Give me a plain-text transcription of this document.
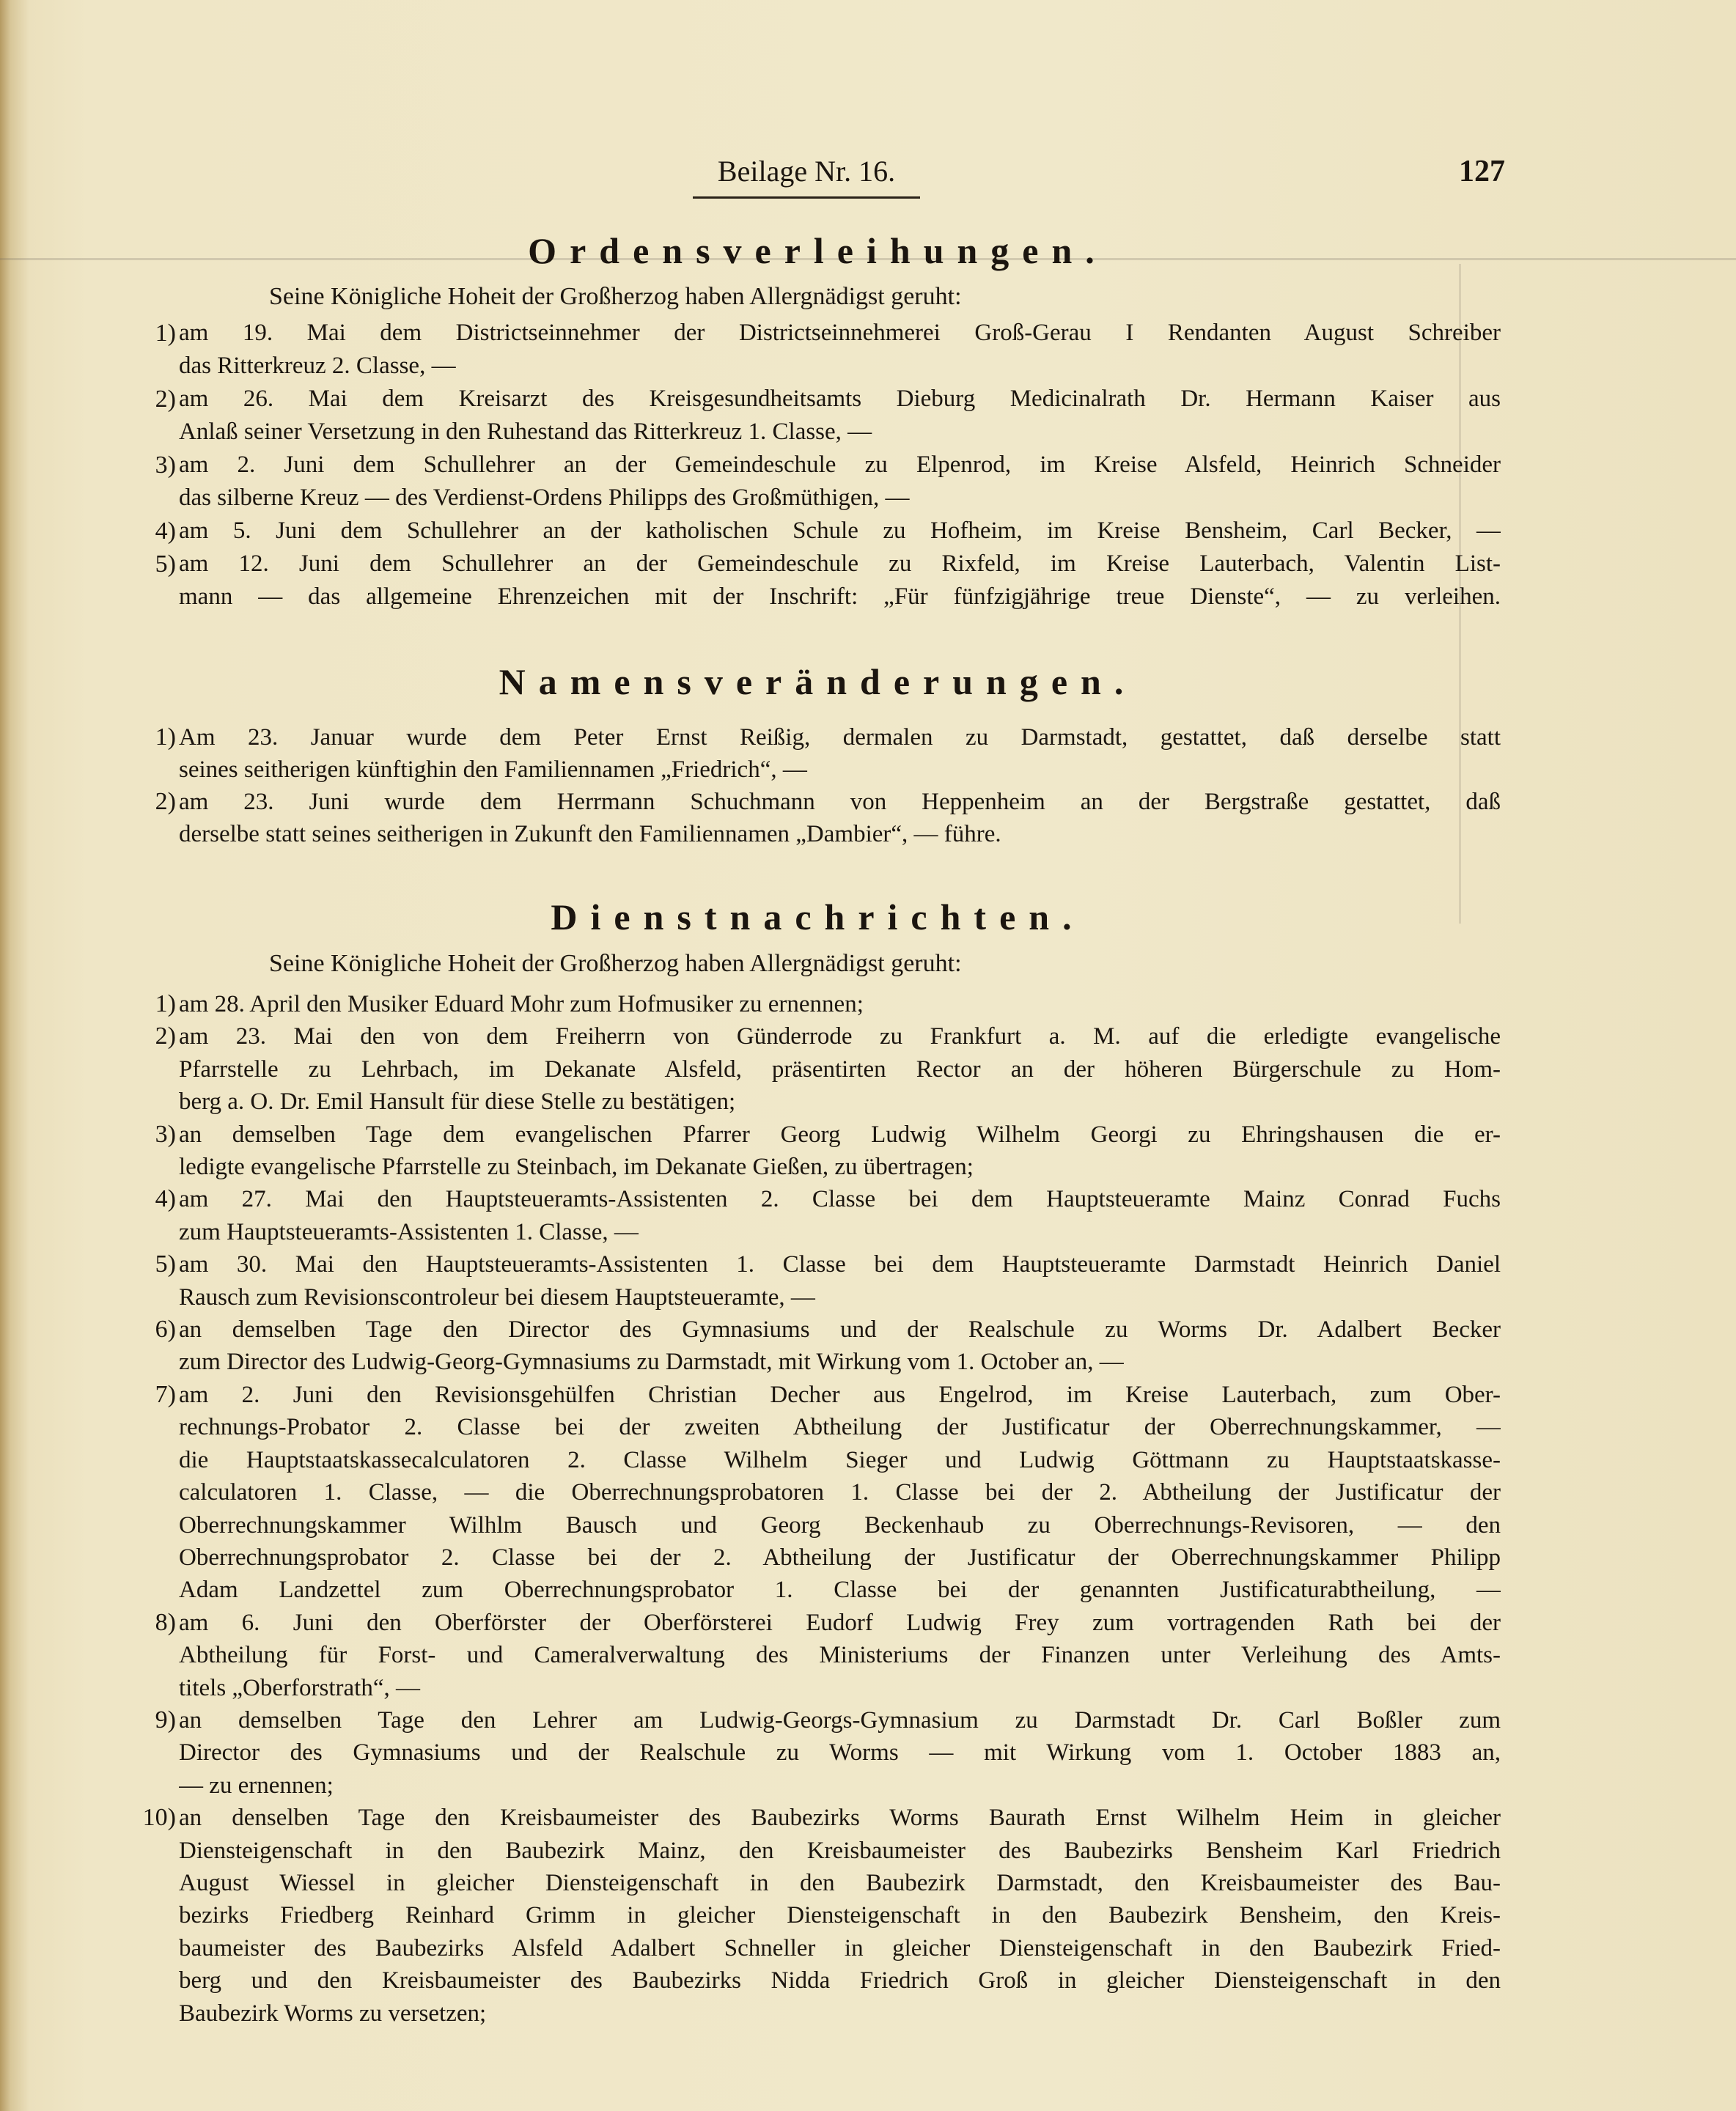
Beilage Nr. 16.	127
Ordensverleihungen.
Seine Königliche Hoheit der Großherzog haben Allergnädigst geruht:
1) am 19. Mai dem Districtseinnehmer der Districtseinnehmerei Groß-Gerau I Rendanten August Schreiber
das Ritterkreuz 2. Classe, —
2) am 26. Mai dem Kreisarzt des Kreisgesundheitsamts Dieburg Medicinalrath Dr. Hermann Kaiser aus
Anlaß seiner Versetzung in den Ruhestand das Ritterkreuz 1. Classe, —
3) am 2. Juni dem Schullehrer an der Gemeindeschule zu Elpenrod, im Kreise Alsfeld, Heinrich Schneider
das silberne Kreuz — des Verdienst-Ordens Philipps des Großmüthigen, —
4) am 5. Juni dem Schullehrer an der katholischen Schule zu Hofheim, im Kreise Bensheim, Carl Becker, —
5) am 12. Juni dem Schullehrer an der Gemeindeschule zu Rixfeld, im Kreise Lauterbach, Valentin List-
mann — das allgemeine Ehrenzeichen mit der Inschrift: „Für fünfzigjährige treue Dienste“, — zu verleihen.
Namensveränderungen.
1) Am 23. Januar wurde dem Peter Ernst Reißig, dermalen zu Darmstadt, gestattet, daß derselbe statt
seines seitherigen künftighin den Familiennamen „Friedrich“, —
2) am 23. Juni wurde dem Herrmann Schuchmann von Heppenheim an der Bergstraße gestattet, daß
derselbe statt seines seitherigen in Zukunft den Familiennamen „Dambier“, — führe.
Dienstnachrichten.
Seine Königliche Hoheit der Großherzog haben Allergnädigst geruht:
1) am 28. April den Musiker Eduard Mohr zum Hofmusiker zu ernennen;
2) am 23. Mai den von dem Freiherrn von Günderrode zu Frankfurt a. M. auf die erledigte evangelische
Pfarrstelle zu Lehrbach, im Dekanate Alsfeld, präsentirten Rector an der höheren Bürgerschule zu Hom-
berg a. O. Dr. Emil Hansult für diese Stelle zu bestätigen;
3) an demselben Tage dem evangelischen Pfarrer Georg Ludwig Wilhelm Georgi zu Ehringshausen die er-
ledigte evangelische Pfarrstelle zu Steinbach, im Dekanate Gießen, zu übertragen;
4) am 27. Mai den Hauptsteueramts-Assistenten 2. Classe bei dem Hauptsteueramte Mainz Conrad Fuchs
zum Hauptsteueramts-Assistenten 1. Classe, —
5) am 30. Mai den Hauptsteueramts-Assistenten 1. Classe bei dem Hauptsteueramte Darmstadt Heinrich Daniel
Rausch zum Revisionscontroleur bei diesem Hauptsteueramte, —
6) an demselben Tage den Director des Gymnasiums und der Realschule zu Worms Dr. Adalbert Becker
zum Director des Ludwig-Georg-Gymnasiums zu Darmstadt, mit Wirkung vom 1. October an, —
7) am 2. Juni den Revisionsgehülfen Christian Decher aus Engelrod, im Kreise Lauterbach, zum Ober-
rechnungs-Probator 2. Classe bei der zweiten Abtheilung der Justificatur der Oberrechnungskammer, —
die Hauptstaatskassecalculatoren 2. Classe Wilhelm Sieger und Ludwig Göttmann zu Hauptstaatskasse-
calculatoren 1. Classe, — die Oberrechnungsprobatoren 1. Classe bei der 2. Abtheilung der Justificatur der
Oberrechnungskammer Wilhlm Bausch und Georg Beckenhaub zu Oberrechnungs-Revisoren, — den
Oberrechnungsprobator 2. Classe bei der 2. Abtheilung der Justificatur der Oberrechnungskammer Philipp
Adam Landzettel zum Oberrechnungsprobator 1. Classe bei der genannten Justificaturabtheilung, —
8) am 6. Juni den Oberförster der Oberförsterei Eudorf Ludwig Frey zum vortragenden Rath bei der
Abtheilung für Forst- und Cameralverwaltung des Ministeriums der Finanzen unter Verleihung des Amts-
titels „Oberforstrath“, —
9) an demselben Tage den Lehrer am Ludwig-Georgs-Gymnasium zu Darmstadt Dr. Carl Boßler zum
Director des Gymnasiums und der Realschule zu Worms — mit Wirkung vom 1. October 1883 an,
— zu ernennen;
10) an denselben Tage den Kreisbaumeister des Baubezirks Worms Baurath Ernst Wilhelm Heim in gleicher
Diensteigenschaft in den Baubezirk Mainz, den Kreisbaumeister des Baubezirks Bensheim Karl Friedrich
August Wiessel in gleicher Diensteigenschaft in den Baubezirk Darmstadt, den Kreisbaumeister des Bau-
bezirks Friedberg Reinhard Grimm in gleicher Diensteigenschaft in den Baubezirk Bensheim, den Kreis-
baumeister des Baubezirks Alsfeld Adalbert Schneller in gleicher Diensteigenschaft in den Baubezirk Fried-
berg und den Kreisbaumeister des Baubezirks Nidda Friedrich Groß in gleicher Diensteigenschaft in den
Baubezirk Worms zu versetzen;
